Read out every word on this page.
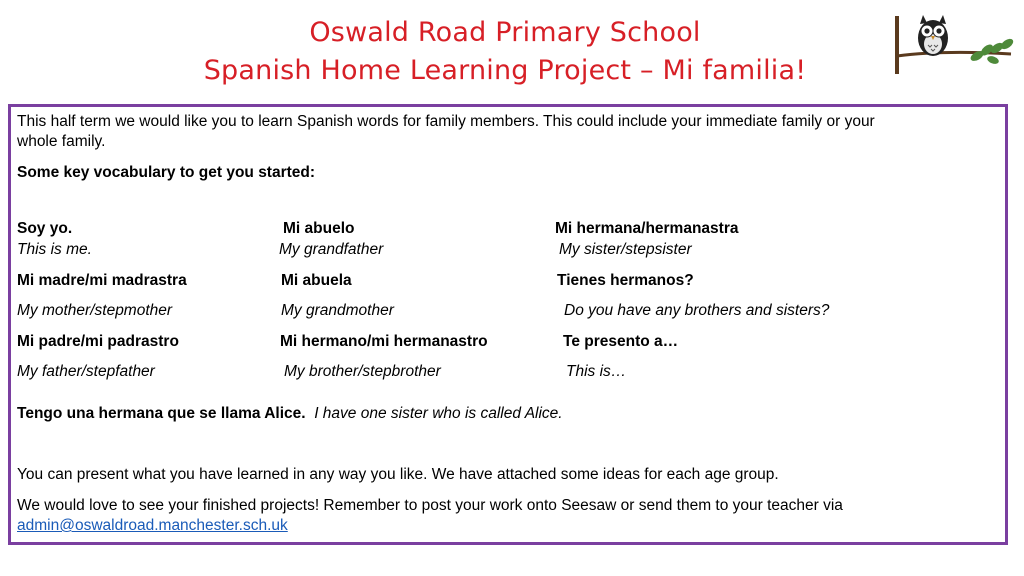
Oswald Road Primary School
Spanish Home Learning Project – Mi familia!
This half term we would like you to learn Spanish words for family members. This could include your immediate family or your
whole family.
Some key vocabulary to get you started:
Soy yo.
This is me.
Mi abuelo
My grandfather
Mi hermana/hermanastra
My sister/stepsister
Mi madre/mi madrastra
My mother/stepmother
Mi abuela
My grandmother
Tienes hermanos?
Do you have any brothers and sisters?
Mi padre/mi padrastro
My father/stepfather
Mi hermano/mi hermanastro
My brother/stepbrother
Te presento a…
This is…
Tengo una hermana que se llama Alice. I have one sister who is called Alice.
You can present what you have learned in any way you like. We have attached some ideas for each age group.
We would love to see your finished projects! Remember to post your work onto Seesaw or send them to your teacher via
admin@oswaldroad.manchester.sch.uk
